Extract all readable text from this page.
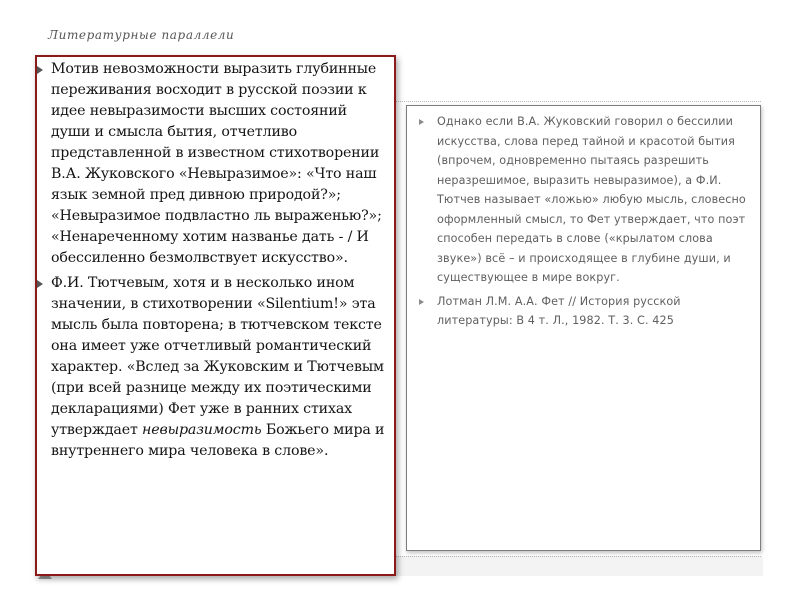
Литературные параллели
Мотив невозможности выразить глубинные переживания восходит в русской поэзии к идее невыразимости высших состояний души и смысла бытия, отчетливо представленной в известном стихотворении В.А. Жуковского «Невыразимое»: «Что наш язык земной пред дивною природой?»; «Невыразимое подвластно ль выраженью?»; «Ненареченному хотим названье дать - / И обессиленно безмолвствует искусство».
Ф.И. Тютчевым, хотя и в несколько ином значении, в стихотворении «Silentium!» эта мысль была повторена; в тютчевском тексте она имеет уже отчетливый романтический характер. «Вслед за Жуковским и Тютчевым (при всей разнице между их поэтическими декларациями) Фет уже в ранних стихах утверждает невыразимость Божьего мира и внутреннего мира человека в слове».
Однако если В.А. Жуковский говорил о бессилии искусства, слова перед тайной и красотой бытия (впрочем, одновременно пытаясь разрешить неразрешимое, выразить невыразимое), а Ф.И. Тютчев называет «ложью» любую мысль, словесно оформленный смысл, то Фет утверждает, что поэт способен передать в слове («крылатом слова звуке») всё – и происходящее в глубине души, и существующее в мире вокруг.
Лотман Л.М. А.А. Фет // История русской литературы: В 4 т. Л., 1982. Т. 3. С. 425
